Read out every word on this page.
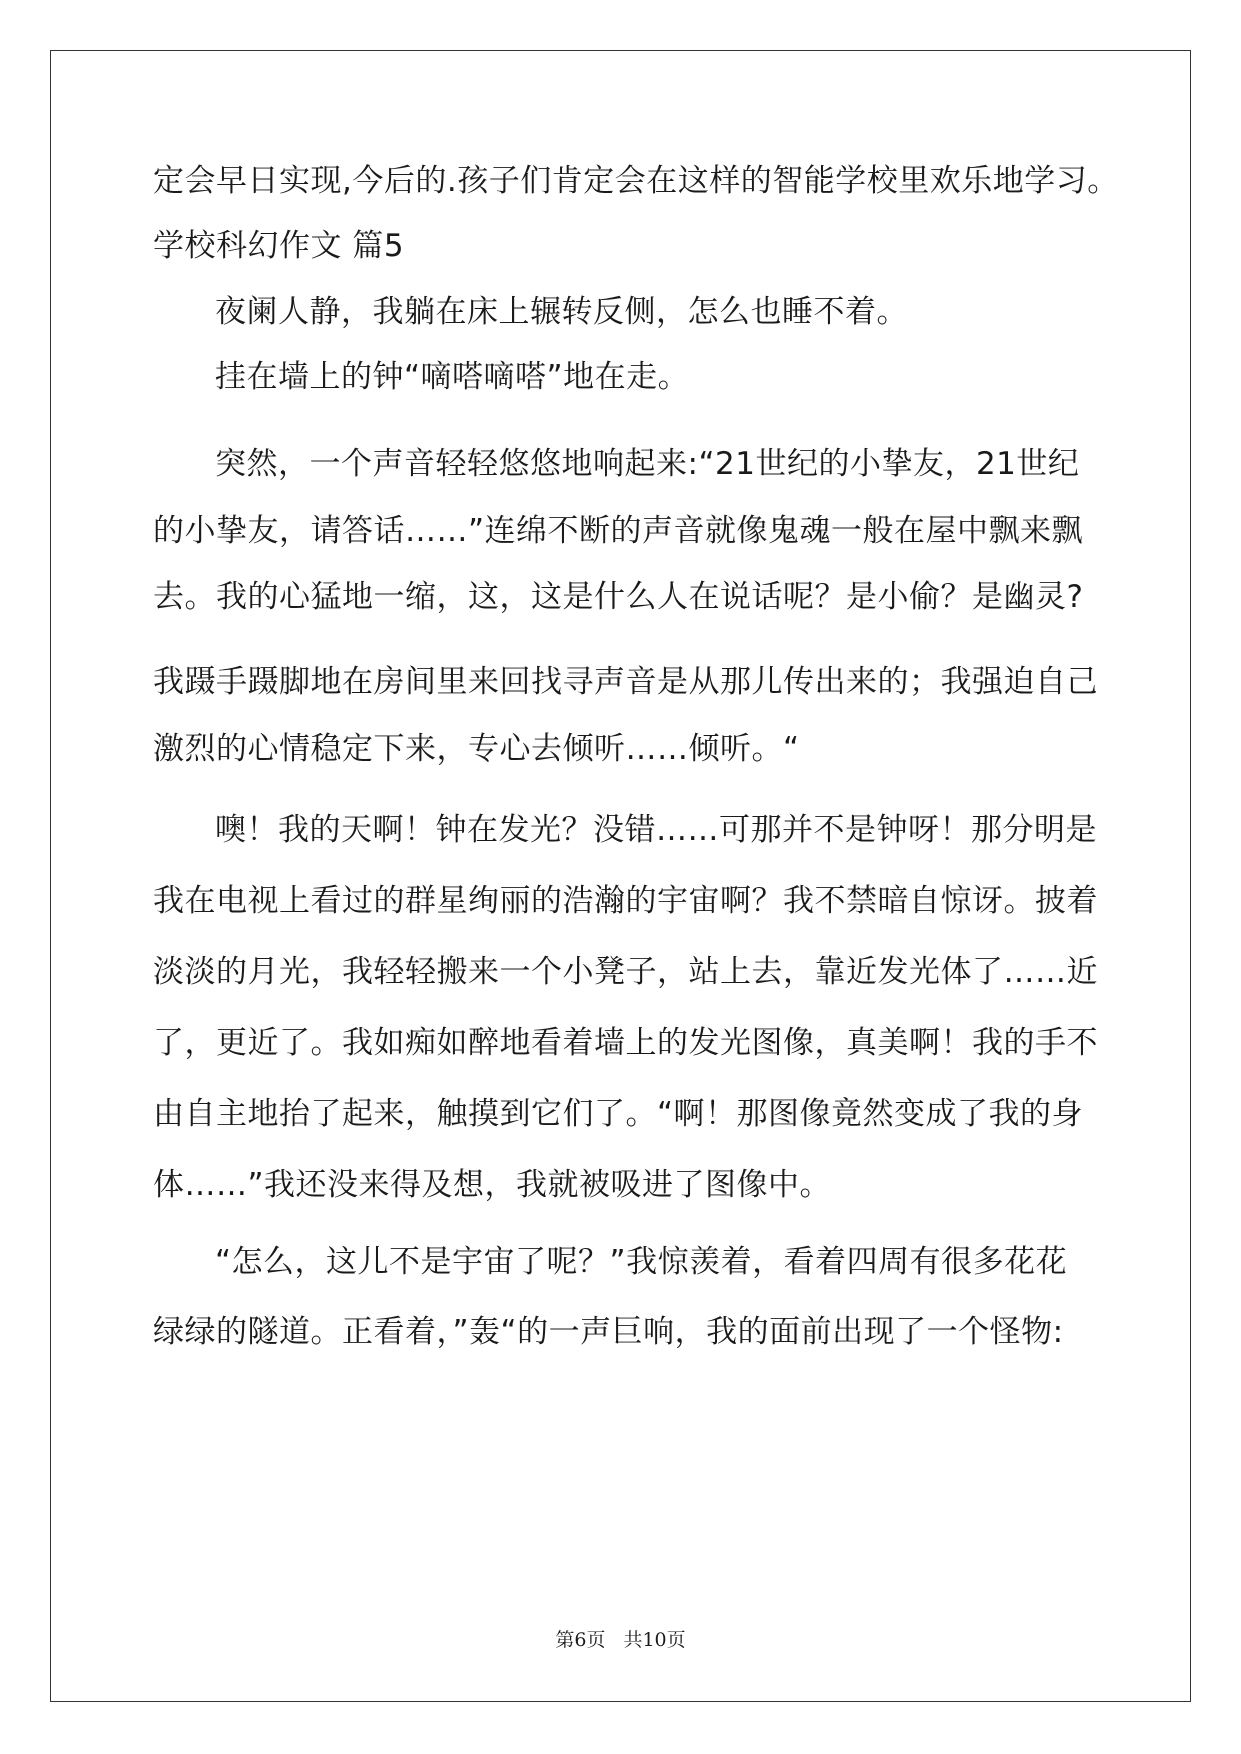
定会早日实现,今后的.孩子们肯定会在这样的智能学校里欢乐地学习。
学校科幻作文 篇5
夜阑人静，我躺在床上辗转反侧，怎么也睡不着。
挂在墙上的钟“嘀嗒嘀嗒”地在走。
突然，一个声音轻轻悠悠地响起来:“21世纪的小挚友，21世纪
的小挚友，请答话……”连绵不断的声音就像鬼魂一般在屋中飘来飘
去。我的心猛地一缩，这，这是什么人在说话呢？是小偷？是幽灵?
我蹑手蹑脚地在房间里来回找寻声音是从那儿传出来的；我强迫自己
激烈的心情稳定下来，专心去倾听……倾听。“
噢！我的天啊！钟在发光？没错……可那并不是钟呀！那分明是
我在电视上看过的群星绚丽的浩瀚的宇宙啊？我不禁暗自惊讶。披着
淡淡的月光，我轻轻搬来一个小凳子，站上去，靠近发光体了……近
了，更近了。我如痴如醉地看着墙上的发光图像，真美啊！我的手不
由自主地抬了起来，触摸到它们了。“啊！那图像竟然变成了我的身
体……”我还没来得及想，我就被吸进了图像中。
“怎么，这儿不是宇宙了呢？”我惊羡着，看着四周有很多花花
绿绿的隧道。正看着，”轰“的一声巨响，我的面前出现了一个怪物:
第6页 共10页
